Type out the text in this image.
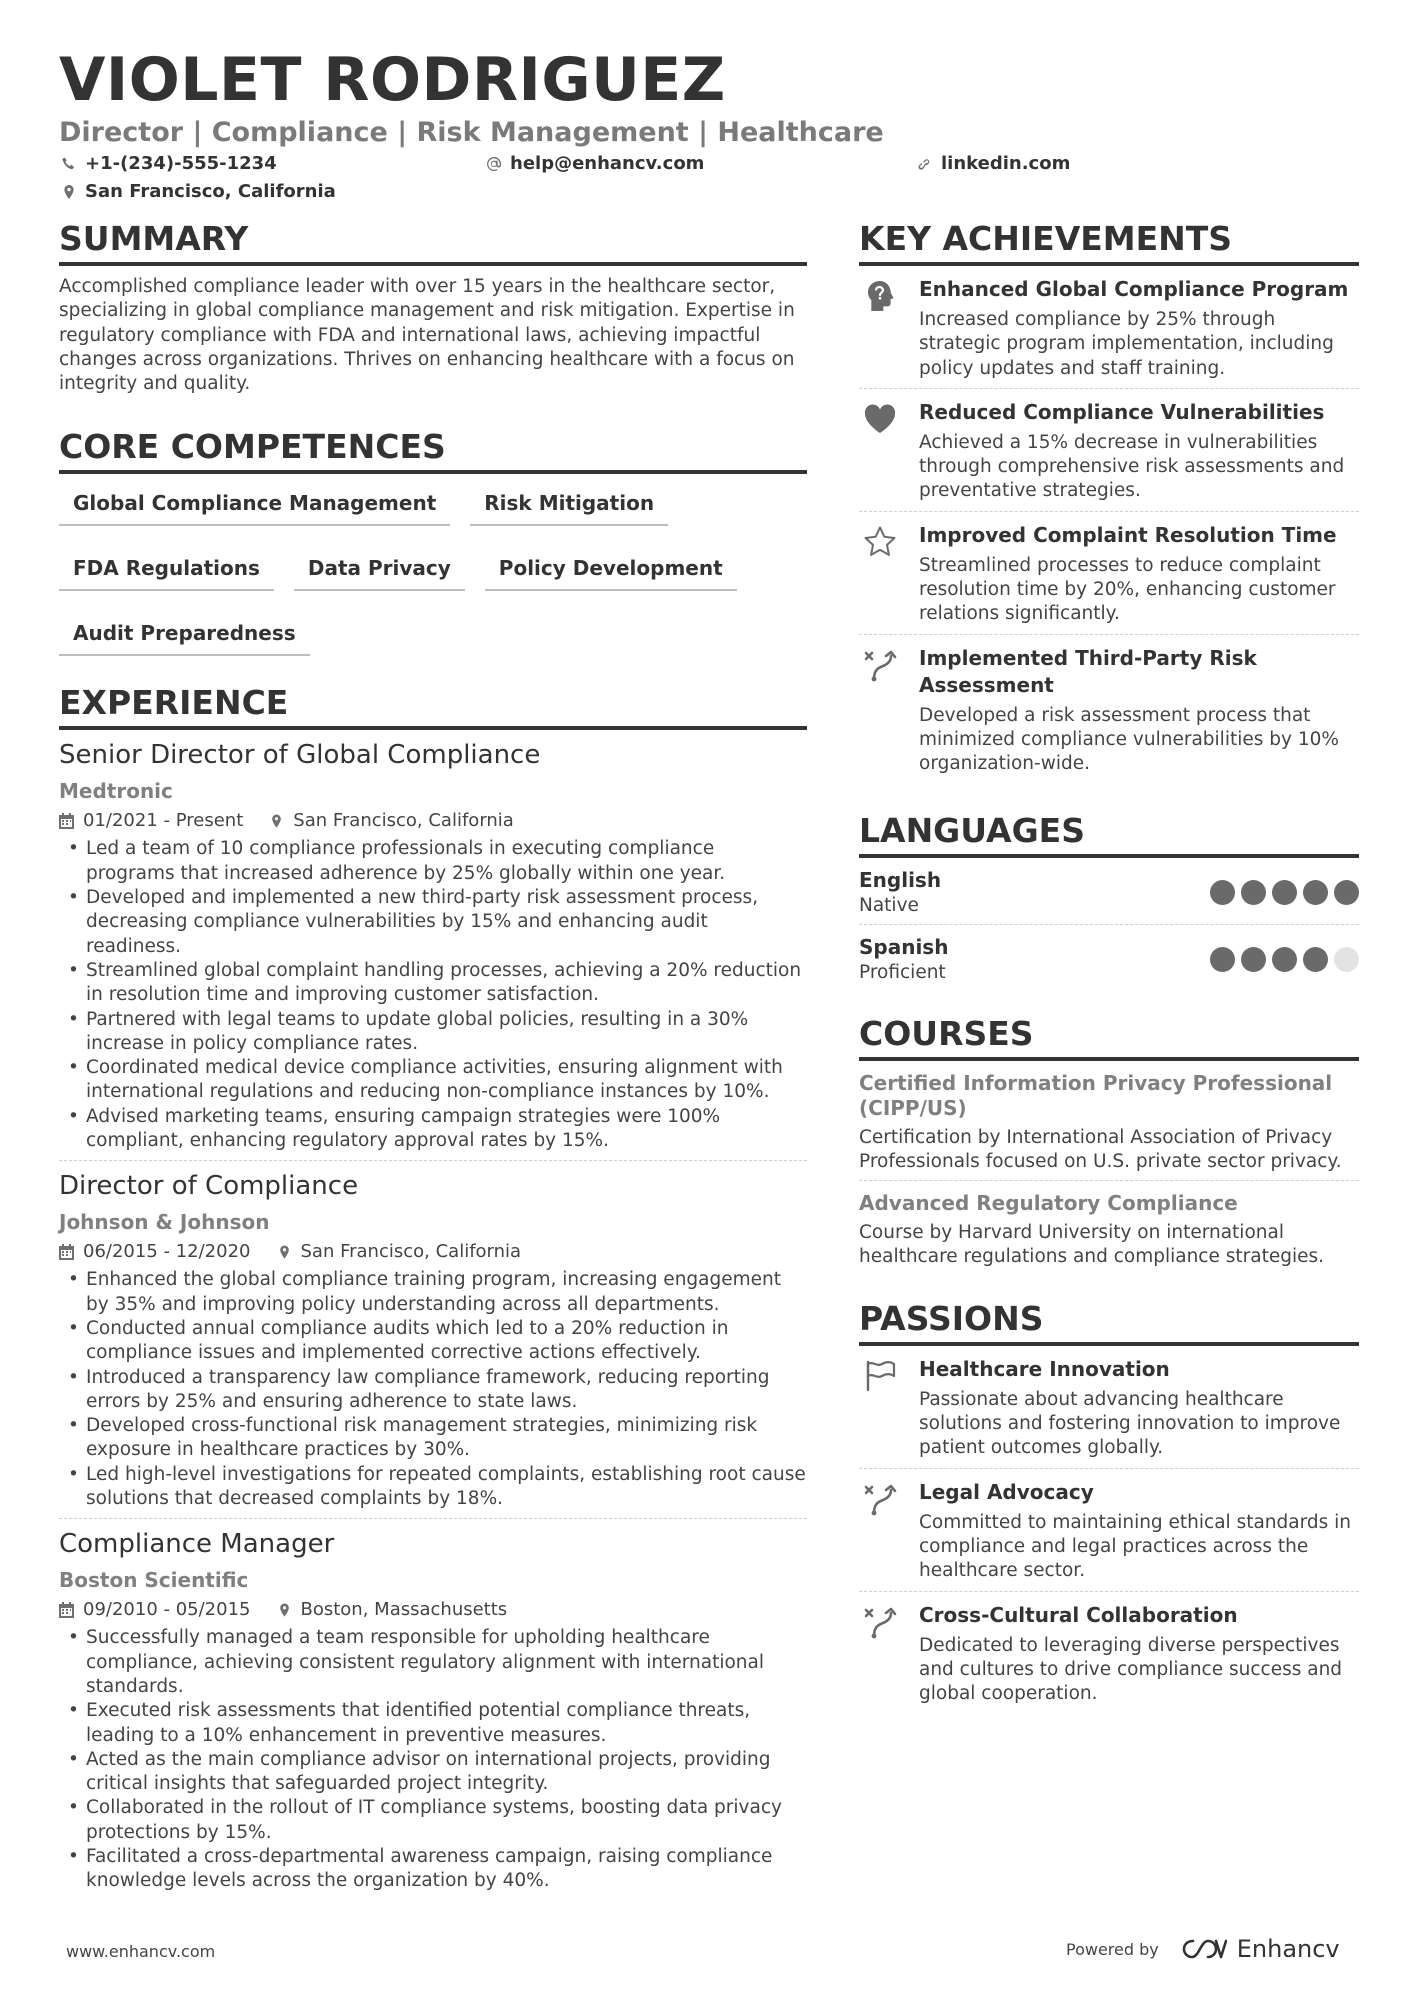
VIOLET RODRIGUEZ
Director | Compliance | Risk Management | Healthcare
+1-(234)-555-1234	help@enhancv.com	linkedin.com
San Francisco, California
SUMMARY

Accomplished compliance leader with over 15 years in the healthcare sector, specializing in global compliance management and risk mitigation. Expertise in regulatory compliance with FDA and international laws, achieving impactful changes across organizations. Thrives on enhancing healthcare with a focus on integrity and quality.

CORE COMPETENCES
Global Compliance Management	Risk Mitigation
FDA Regulations	Data Privacy	Policy Development
Audit Preparedness
EXPERIENCE
Senior Director of Global Compliance
Medtronic
01/2021 - Present	San Francisco, California
• Led a team of 10 compliance professionals in executing compliance programs that increased adherence by 25% globally within one year.
• Developed and implemented a new third-party risk assessment process, decreasing compliance vulnerabilities by 15% and enhancing audit readiness.
• Streamlined global complaint handling processes, achieving a 20% reduction in resolution time and improving customer satisfaction.
• Partnered with legal teams to update global policies, resulting in a 30% increase in policy compliance rates.
• Coordinated medical device compliance activities, ensuring alignment with international regulations and reducing non-compliance instances by 10%.
• Advised marketing teams, ensuring campaign strategies were 100% compliant, enhancing regulatory approval rates by 15%.
Director of Compliance
Johnson & Johnson
06/2015 - 12/2020	San Francisco, California
• Enhanced the global compliance training program, increasing engagement by 35% and improving policy understanding across all departments.
• Conducted annual compliance audits which led to a 20% reduction in compliance issues and implemented corrective actions effectively.
• Introduced a transparency law compliance framework, reducing reporting errors by 25% and ensuring adherence to state laws.
• Developed cross-functional risk management strategies, minimizing risk exposure in healthcare practices by 30%.
• Led high-level investigations for repeated complaints, establishing root cause solutions that decreased complaints by 18%.
Compliance Manager
Boston Scientific
09/2010 - 05/2015	Boston, Massachusetts
• Successfully managed a team responsible for upholding healthcare compliance, achieving consistent regulatory alignment with international standards.
• Executed risk assessments that identified potential compliance threats, leading to a 10% enhancement in preventive measures.
• Acted as the main compliance advisor on international projects, providing critical insights that safeguarded project integrity.
• Collaborated in the rollout of IT compliance systems, boosting data privacy protections by 15%.
• Facilitated a cross-departmental awareness campaign, raising compliance knowledge levels across the organization by 40%.
KEY ACHIEVEMENTS
Enhanced Global Compliance Program
Increased compliance by 25% through strategic program implementation, including policy updates and staff training.
Reduced Compliance Vulnerabilities
Achieved a 15% decrease in vulnerabilities through comprehensive risk assessments and preventative strategies.
Improved Complaint Resolution Time
Streamlined processes to reduce complaint resolution time by 20%, enhancing customer relations significantly.
Implemented Third-Party Risk Assessment
Developed a risk assessment process that minimized compliance vulnerabilities by 10% organization-wide.
LANGUAGES
English
Native
Spanish
Proficient
COURSES
Certified Information Privacy Professional (CIPP/US)
Certification by International Association of Privacy Professionals focused on U.S. private sector privacy.
Advanced Regulatory Compliance
Course by Harvard University on international healthcare regulations and compliance strategies.
PASSIONS
Healthcare Innovation
Passionate about advancing healthcare solutions and fostering innovation to improve patient outcomes globally.
Legal Advocacy
Committed to maintaining ethical standards in compliance and legal practices across the healthcare sector.
Cross-Cultural Collaboration
Dedicated to leveraging diverse perspectives and cultures to drive compliance success and global cooperation.
www.enhancv.com	Powered by	Enhancv
